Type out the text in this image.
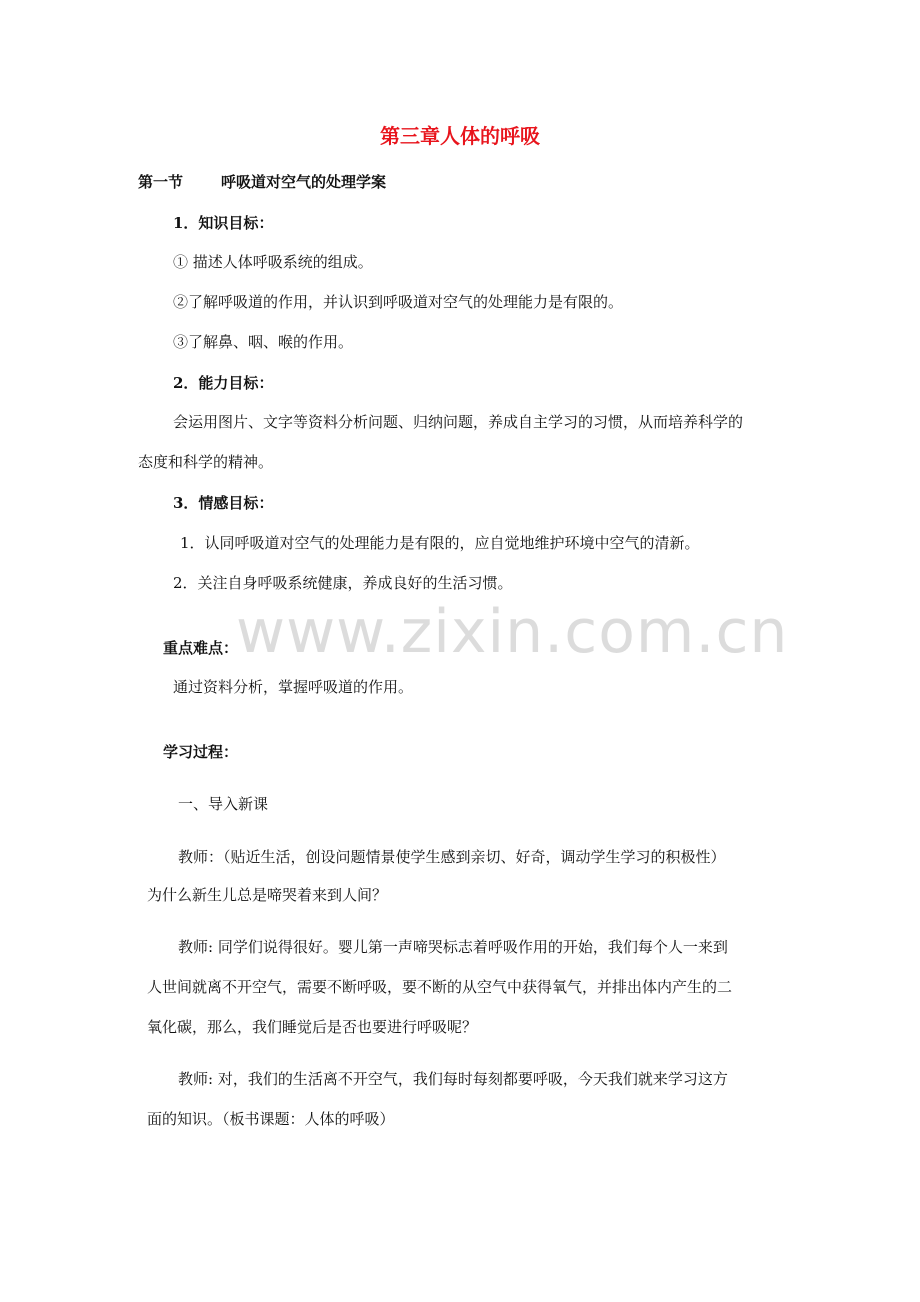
www.zixin.com.cn
第三章人体的呼吸
第一节	呼吸道对空气的处理学案
1．知识目标：
① 描述人体呼吸系统的组成。
②了解呼吸道的作用，并认识到呼吸道对空气的处理能力是有限的。
③了解鼻、咽、喉的作用。
2．能力目标：
会运用图片、文字等资料分析问题、归纳问题，养成自主学习的习惯，从而培养科学的
态度和科学的精神。
3．情感目标：
1．认同呼吸道对空气的处理能力是有限的，应自觉地维护环境中空气的清新。
2．关注自身呼吸系统健康，养成良好的生活习惯。
重点难点：
通过资料分析，掌握呼吸道的作用。
学习过程：
一、导入新课
教师：（贴近生活，创设问题情景使学生感到亲切、好奇，调动学生学习的积极性）
为什么新生儿总是啼哭着来到人间？
教师: 同学们说得很好。婴儿第一声啼哭标志着呼吸作用的开始，我们每个人一来到
人世间就离不开空气，需要不断呼吸，要不断的从空气中获得氧气，并排出体内产生的二
氧化碳，那么，我们睡觉后是否也要进行呼吸呢？
教师: 对，我们的生活离不开空气，我们每时每刻都要呼吸，今天我们就来学习这方
面的知识。（板书课题：人体的呼吸）
